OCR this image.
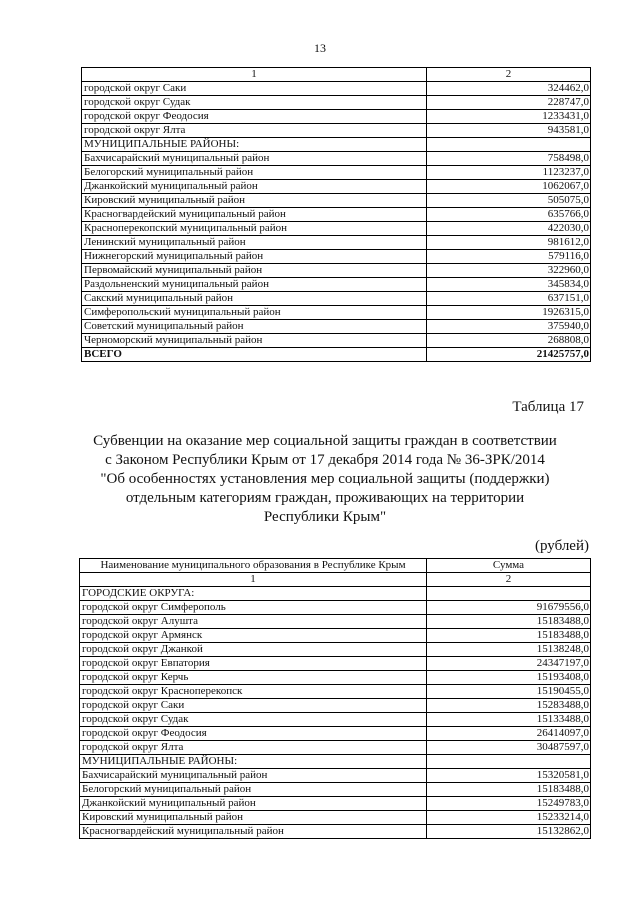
13
1	2
городской округ Саки	324462,0
городской округ Судак	228747,0
городской округ Феодосия	1233431,0
городской округ Ялта	943581,0
МУНИЦИПАЛЬНЫЕ РАЙОНЫ:	
Бахчисарайский муниципальный район	758498,0
Белогорский муниципальный район	1123237,0
Джанкойский муниципальный район	1062067,0
Кировский муниципальный район	505075,0
Красногвардейский муниципальный район	635766,0
Красноперекопский муниципальный район	422030,0
Ленинский муниципальный район	981612,0
Нижнегорский муниципальный район	579116,0
Первомайский муниципальный район	322960,0
Раздольненский муниципальный район	345834,0
Сакский муниципальный район	637151,0
Симферопольский муниципальный район	1926315,0
Советский муниципальный район	375940,0
Черноморский муниципальный район	268808,0
ВСЕГО	21425757,0
Таблица 17
Субвенции на оказание мер социальной защиты граждан в соответствии
с Законом Республики Крым от 17 декабря 2014 года № 36-ЗРК/2014
"Об особенностях установления мер социальной защиты (поддержки)
отдельным категориям граждан, проживающих на территории
Республики Крым"
(рублей)
Наименование муниципального образования в Республике Крым	Сумма
1	2
ГОРОДСКИЕ ОКРУГА:	
городской округ Симферополь	91679556,0
городской округ Алушта	15183488,0
городской округ Армянск	15183488,0
городской округ Джанкой	15138248,0
городской округ Евпатория	24347197,0
городской округ Керчь	15193408,0
городской округ Красноперекопск	15190455,0
городской округ Саки	15283488,0
городской округ Судак	15133488,0
городской округ Феодосия	26414097,0
городской округ Ялта	30487597,0
МУНИЦИПАЛЬНЫЕ РАЙОНЫ:	
Бахчисарайский муниципальный район	15320581,0
Белогорский муниципальный район	15183488,0
Джанкойский муниципальный район	15249783,0
Кировский муниципальный район	15233214,0
Красногвардейский муниципальный район	15132862,0
